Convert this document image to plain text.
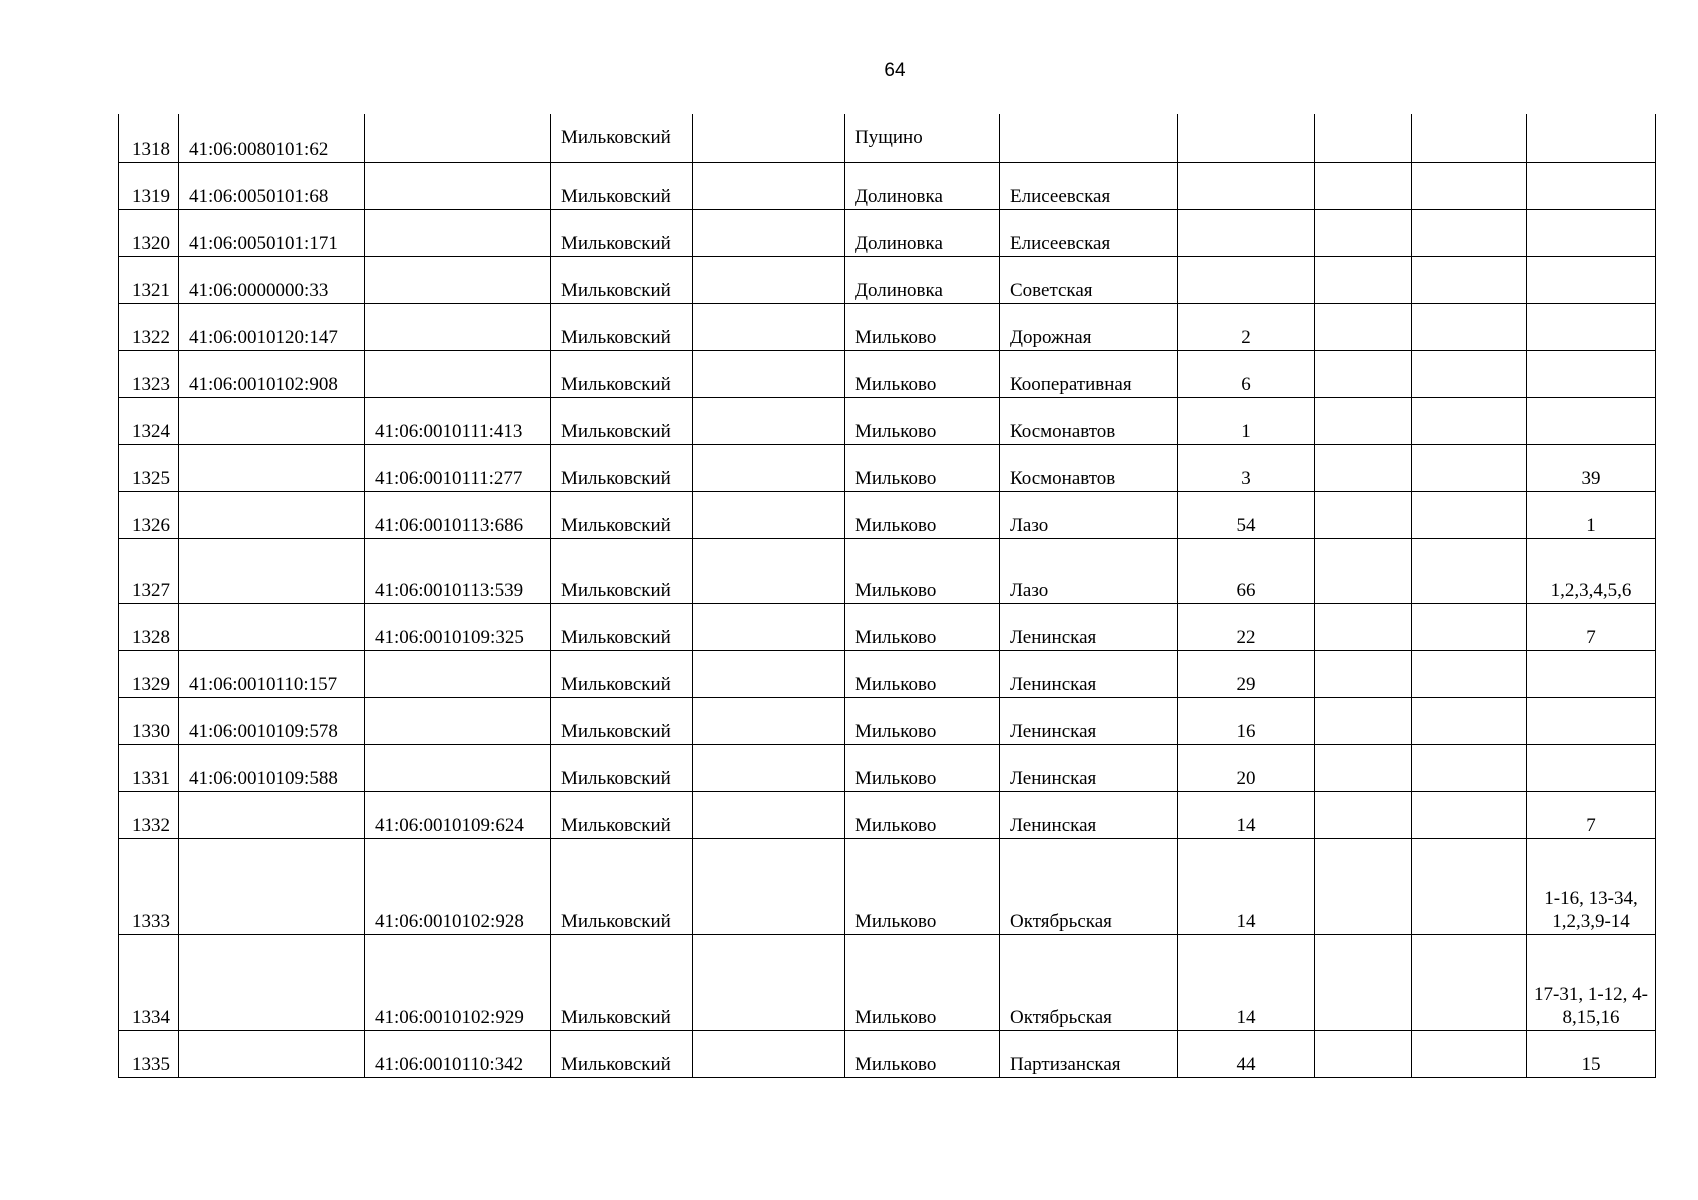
64
1318	41:06:0080101:62		Мильковский		Пущино					
1319	41:06:0050101:68		Мильковский		Долиновка	Елисеевская				
1320	41:06:0050101:171		Мильковский		Долиновка	Елисеевская				
1321	41:06:0000000:33		Мильковский		Долиновка	Советская				
1322	41:06:0010120:147		Мильковский		Мильково	Дорожная	2			
1323	41:06:0010102:908		Мильковский		Мильково	Кооперативная	6			
1324		41:06:0010111:413	Мильковский		Мильково	Космонавтов	1			
1325		41:06:0010111:277	Мильковский		Мильково	Космонавтов	3			39
1326		41:06:0010113:686	Мильковский		Мильково	Лазо	54			1
1327		41:06:0010113:539	Мильковский		Мильково	Лазо	66			1,2,3,4,5,6
1328		41:06:0010109:325	Мильковский		Мильково	Ленинская	22			7
1329	41:06:0010110:157		Мильковский		Мильково	Ленинская	29			
1330	41:06:0010109:578		Мильковский		Мильково	Ленинская	16			
1331	41:06:0010109:588		Мильковский		Мильково	Ленинская	20			
1332		41:06:0010109:624	Мильковский		Мильково	Ленинская	14			7
1333		41:06:0010102:928	Мильковский		Мильково	Октябрьская	14			1-16, 13-34, 1,2,3,9-14
1334		41:06:0010102:929	Мильковский		Мильково	Октябрьская	14			17-31, 1-12, 4-8,15,16
1335		41:06:0010110:342	Мильковский		Мильково	Партизанская	44			15
